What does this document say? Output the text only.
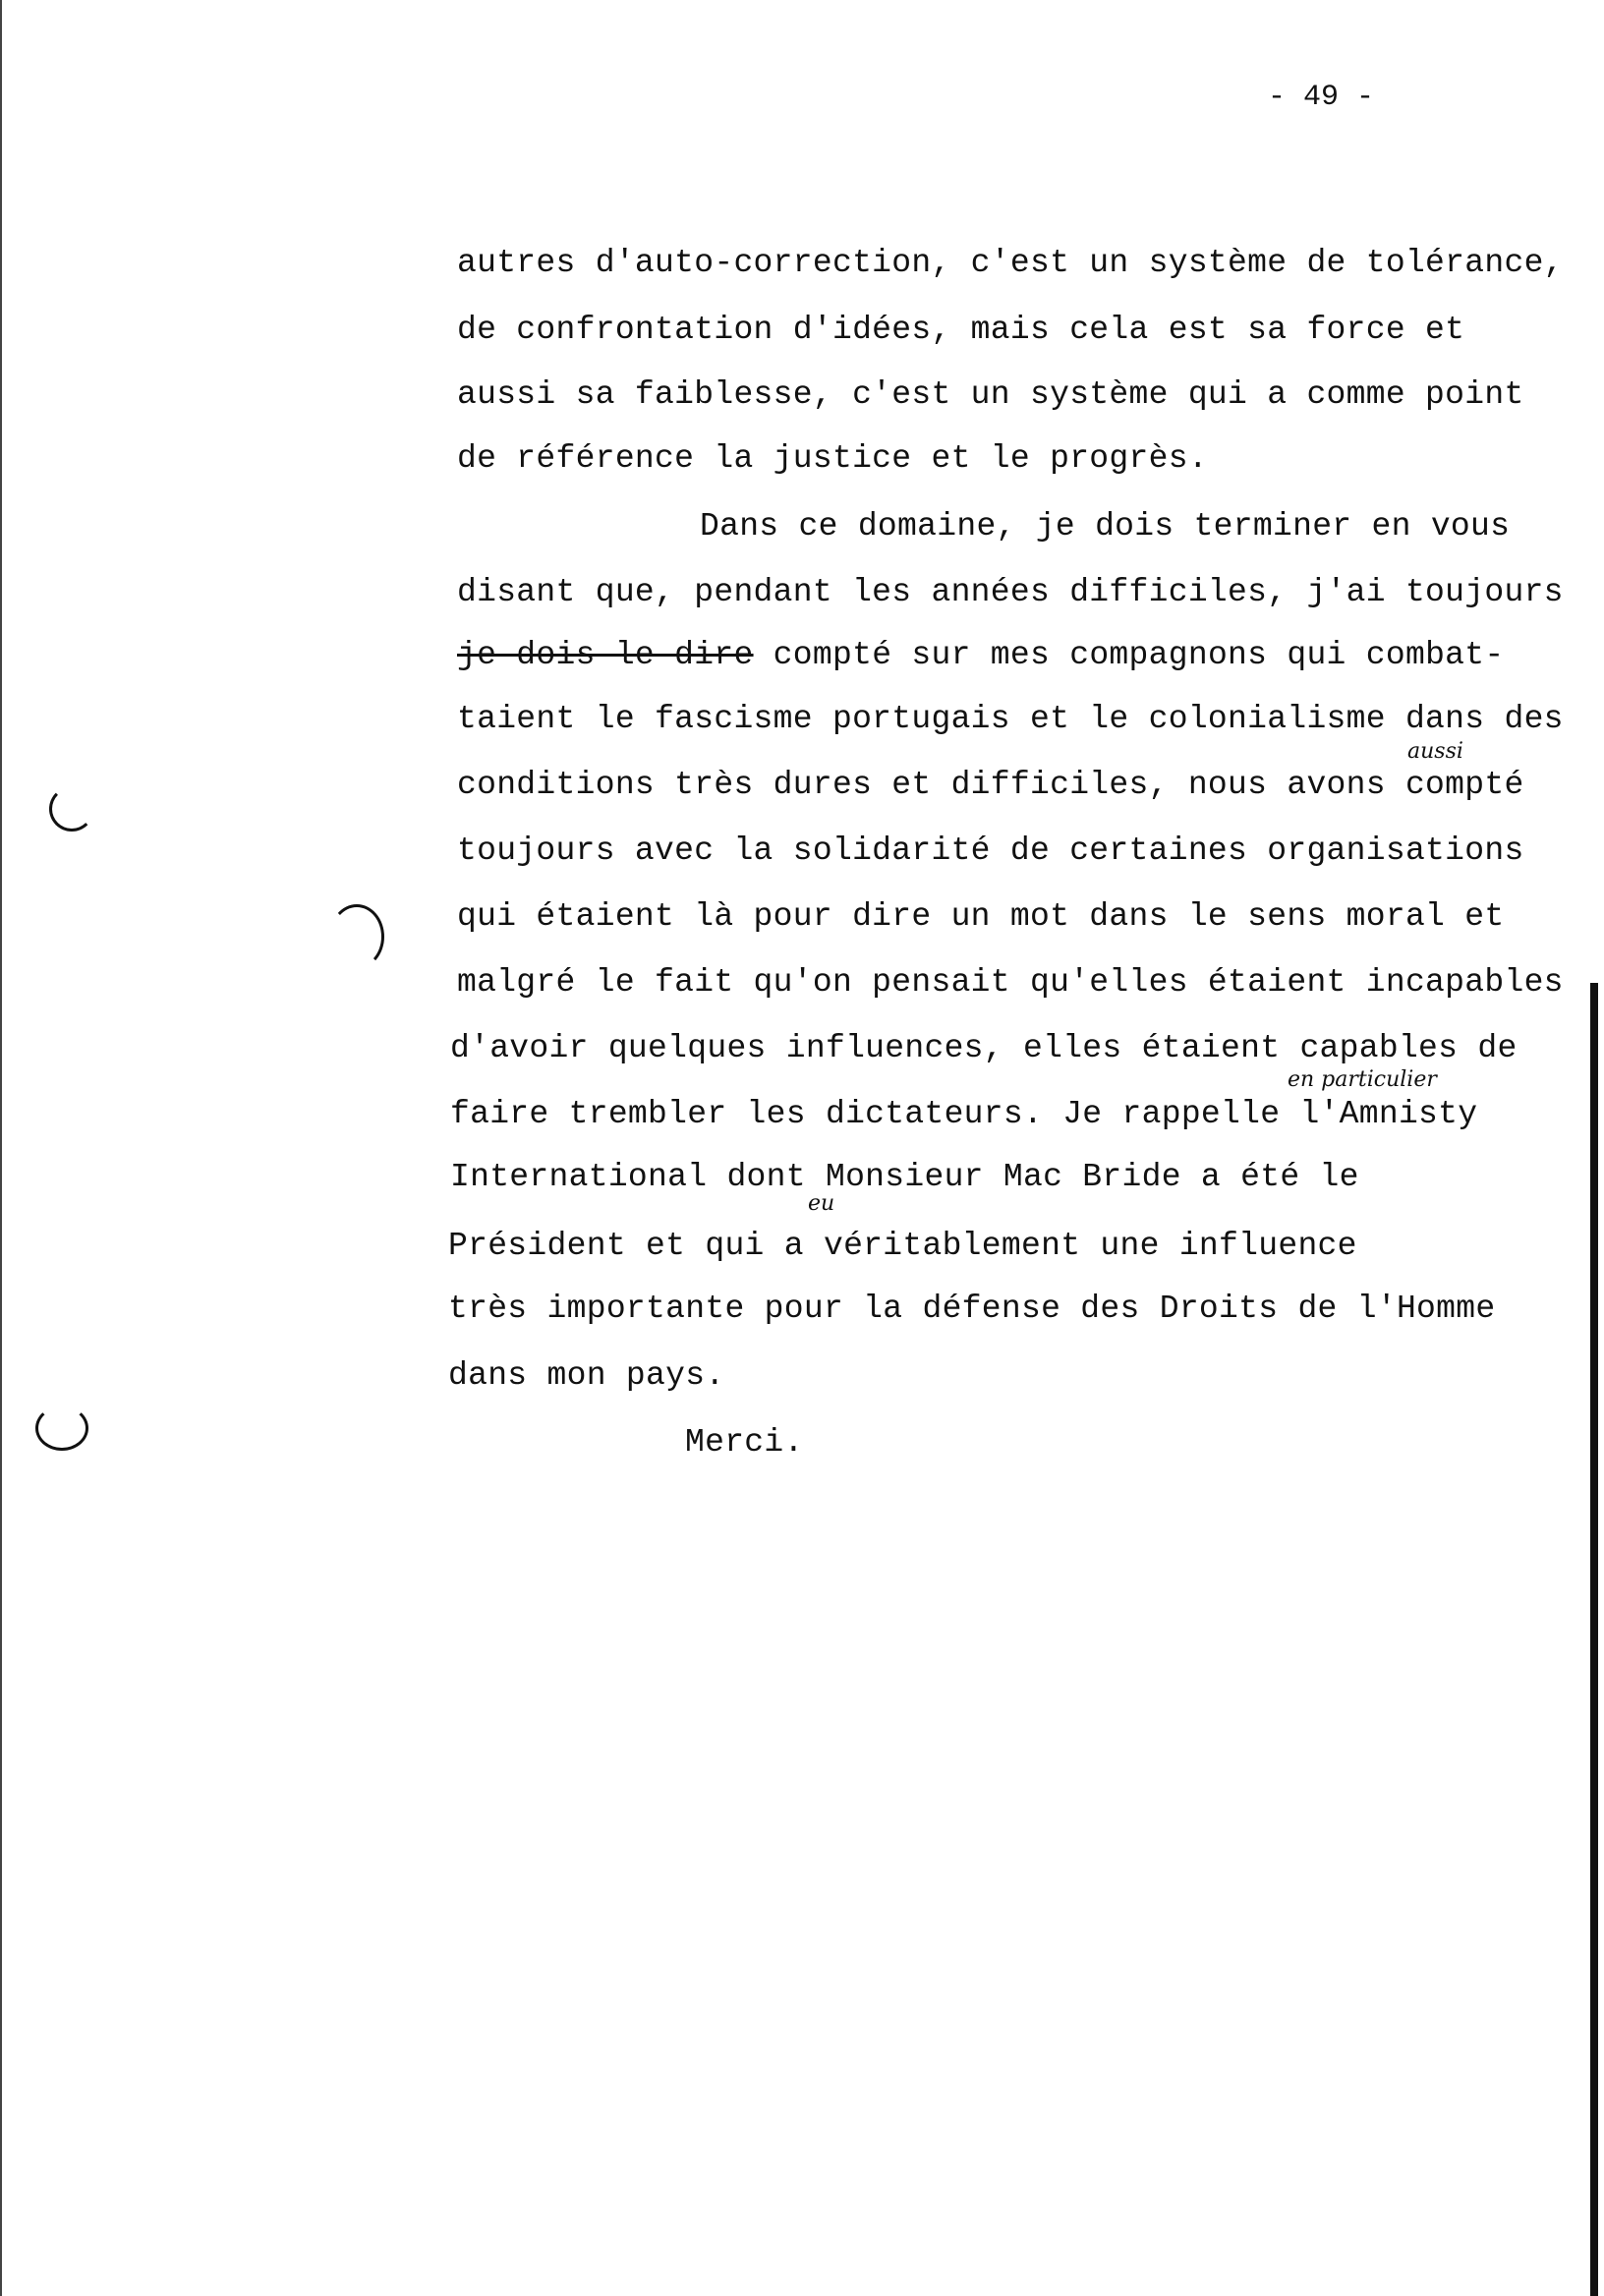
- 49 -
autres d'auto-correction, c'est un système de tolérance,
de confrontation d'idées, mais cela est sa force et
aussi sa faiblesse, c'est un système qui a comme point
de référence la justice et le progrès.
Dans ce domaine, je dois terminer en vous
disant que, pendant les années difficiles, j'ai toujours
je dois le dire compté sur mes compagnons qui combat-
taient le fascisme portugais et le colonialisme dans des
conditions très dures et difficiles, nous avons compté
toujours avec la solidarité de certaines organisations
qui étaient là pour dire un mot dans le sens moral et
malgré le fait qu'on pensait qu'elles étaient incapables
d'avoir quelques influences, elles étaient capables de
faire trembler les dictateurs. Je rappelle l'Amnisty
International dont Monsieur Mac Bride a été le
Président et qui a véritablement une influence
très importante pour la défense des Droits de l'Homme
dans mon pays.
Merci.
aussi
en particulier
eu
